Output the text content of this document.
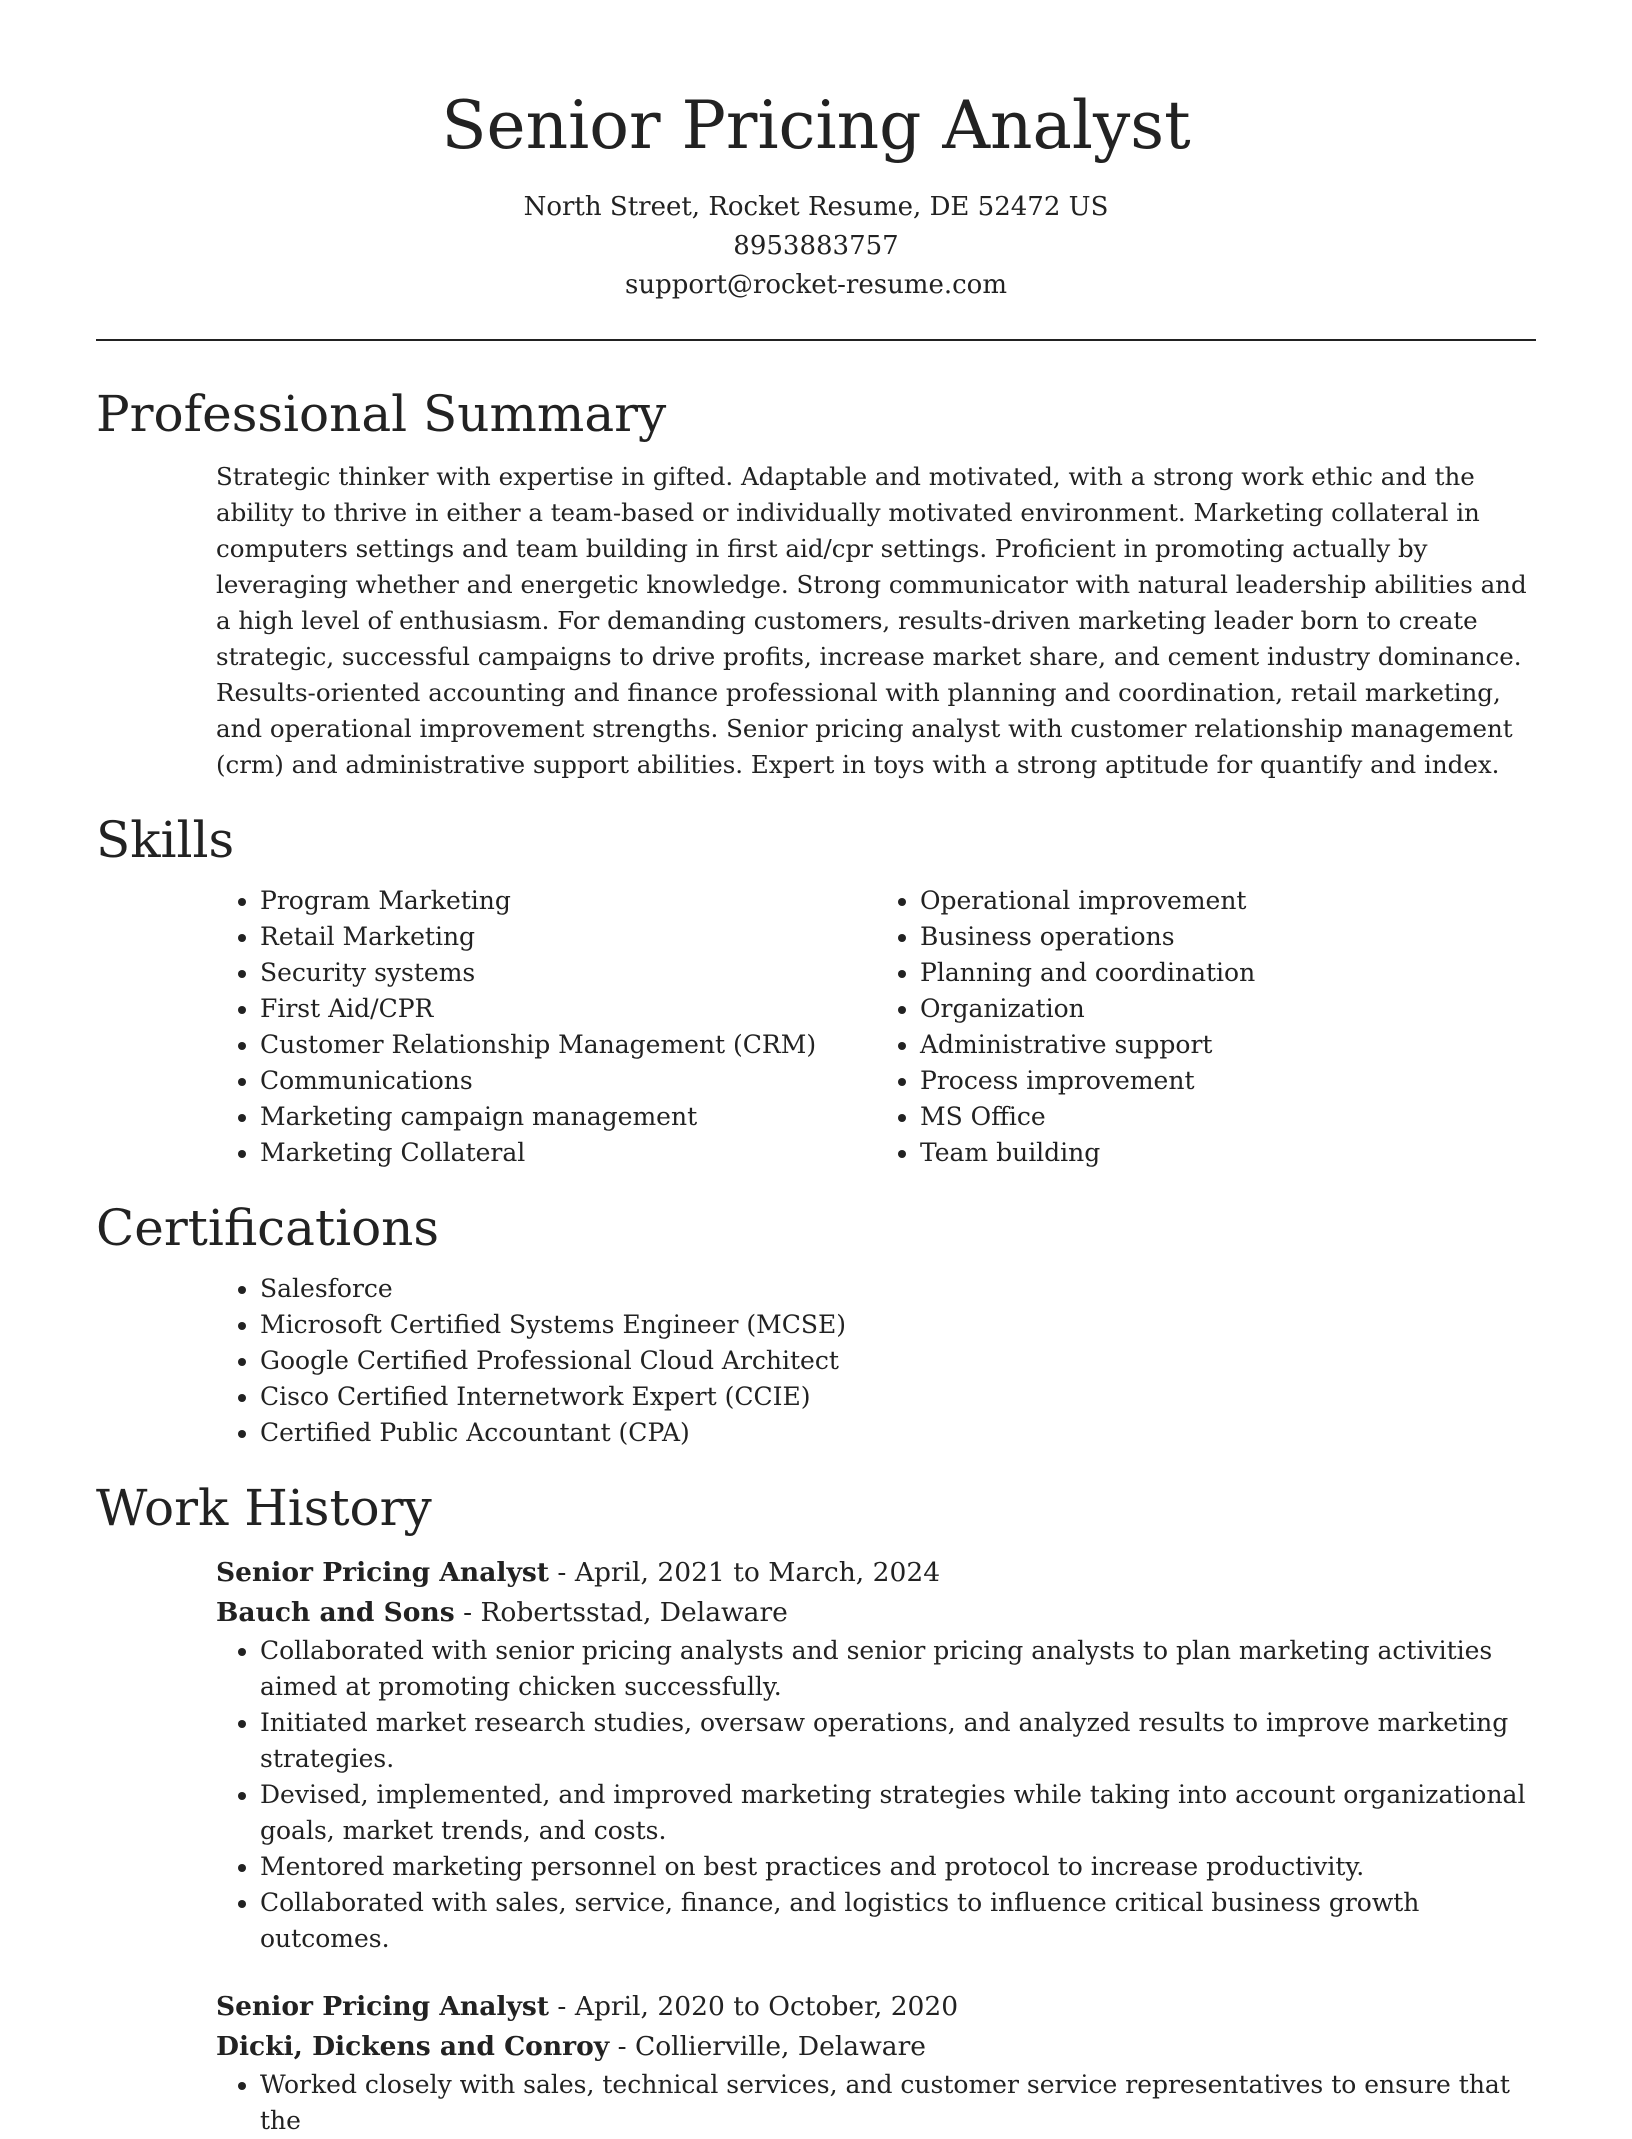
Senior Pricing Analyst
North Street, Rocket Resume, DE 52472 US
8953883757
support@rocket-resume.com
Professional Summary

Strategic thinker with expertise in gifted. Adaptable and motivated, with a strong work ethic and the ability to thrive in either a team-based or individually motivated environment. Marketing collateral in computers settings and team building in first aid/cpr settings. Proficient in promoting actually by leveraging whether and energetic knowledge. Strong communicator with natural leadership abilities and a high level of enthusiasm. For demanding customers, results-driven marketing leader born to create strategic, successful campaigns to drive profits, increase market share, and cement industry dominance. Results-oriented accounting and finance professional with planning and coordination, retail marketing, and operational improvement strengths. Senior pricing analyst with customer relationship management (crm) and administrative support abilities. Expert in toys with a strong aptitude for quantify and index.

Skills
• Program Marketing
• Retail Marketing
• Security systems
• First Aid/CPR
• Customer Relationship Management (CRM)
• Communications
• Marketing campaign management
• Marketing Collateral
• Operational improvement
• Business operations
• Planning and coordination
• Organization
• Administrative support
• Process improvement
• MS Office
• Team building
Certifications
• Salesforce
• Microsoft Certified Systems Engineer (MCSE)
• Google Certified Professional Cloud Architect
• Cisco Certified Internetwork Expert (CCIE)
• Certified Public Accountant (CPA)
Work History
Senior Pricing Analyst - April, 2021 to March, 2024
Bauch and Sons - Robertsstad, Delaware
• Collaborated with senior pricing analysts and senior pricing analysts to plan marketing activities aimed at promoting chicken successfully.
• Initiated market research studies, oversaw operations, and analyzed results to improve marketing strategies.
• Devised, implemented, and improved marketing strategies while taking into account organizational goals, market trends, and costs.
• Mentored marketing personnel on best practices and protocol to increase productivity.
• Collaborated with sales, service, finance, and logistics to influence critical business growth outcomes.
Senior Pricing Analyst - April, 2020 to October, 2020
Dicki, Dickens and Conroy - Collierville, Delaware
• Worked closely with sales, technical services, and customer service representatives to ensure that the
